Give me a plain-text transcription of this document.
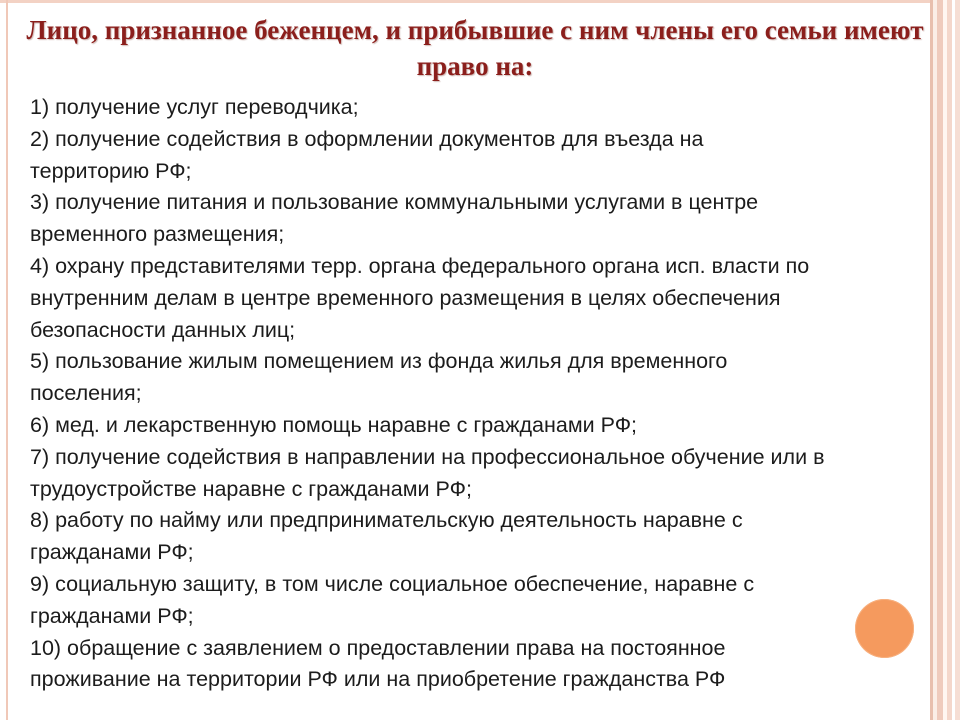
Лицо, признанное беженцем, и прибывшие с ним члены его семьи имеют право на:
1) получение услуг переводчика;
2) получение содействия в оформлении документов для въезда на
территорию РФ;
3) получение питания и пользование коммунальными услугами в центре
временного размещения;
4) охрану представителями терр. органа федерального органа исп. власти по
внутренним делам в центре временного размещения в целях обеспечения
безопасности данных лиц;
5) пользование жилым помещением из фонда жилья для временного
поселения;
6) мед. и лекарственную помощь наравне с гражданами РФ;
7) получение содействия в направлении на профессиональное обучение или в
трудоустройстве наравне с гражданами РФ;
8) работу по найму или предпринимательскую деятельность наравне с
гражданами РФ;
9) социальную защиту, в том числе социальное обеспечение, наравне с
гражданами РФ;
10) обращение с заявлением о предоставлении права на постоянное
проживание на территории РФ или на приобретение гражданства РФ
